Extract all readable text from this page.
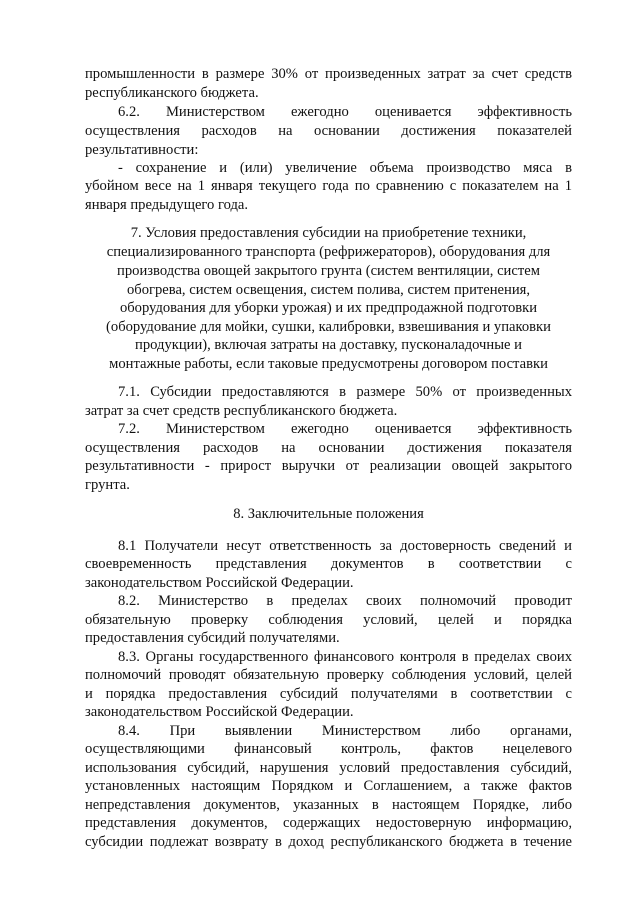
промышленности в размере 30% от произведенных затрат за счет средств
республиканского бюджета.
6.2. Министерством ежегодно оценивается эффективность
осуществления расходов на основании достижения показателей
результативности:
- сохранение и (или) увеличение объема производство мяса в
убойном весе на 1 января текущего года по сравнению с показателем на 1
января предыдущего года.
7. Условия предоставления субсидии на приобретение техники,
специализированного транспорта (рефрижераторов), оборудования для
производства овощей закрытого грунта (систем вентиляции, систем
обогрева, систем освещения, систем полива, систем притенения,
оборудования для уборки урожая) и их предпродажной подготовки
(оборудование для мойки, сушки, калибровки, взвешивания и упаковки
продукции), включая затраты на доставку, пусконаладочные и
монтажные работы, если таковые предусмотрены договором поставки
7.1. Субсидии предоставляются в размере 50% от произведенных
затрат за счет средств республиканского бюджета.
7.2. Министерством ежегодно оценивается эффективность
осуществления расходов на основании достижения показателя
результативности - прирост выручки от реализации овощей закрытого
грунта.
8. Заключительные положения
8.1 Получатели несут ответственность за достоверность сведений и
своевременность представления документов в соответствии с
законодательством Российской Федерации.
8.2. Министерство в пределах своих полномочий проводит
обязательную проверку соблюдения условий, целей и порядка
предоставления субсидий получателями.
8.3. Органы государственного финансового контроля в пределах своих
полномочий проводят обязательную проверку соблюдения условий, целей
и порядка предоставления субсидий получателями в соответствии с
законодательством Российской Федерации.
8.4. При выявлении Министерством либо органами,
осуществляющими финансовый контроль, фактов нецелевого
использования субсидий, нарушения условий предоставления субсидий,
установленных настоящим Порядком и Соглашением, а также фактов
непредставления документов, указанных в настоящем Порядке, либо
представления документов, содержащих недостоверную информацию,
субсидии подлежат возврату в доход республиканского бюджета в течение
